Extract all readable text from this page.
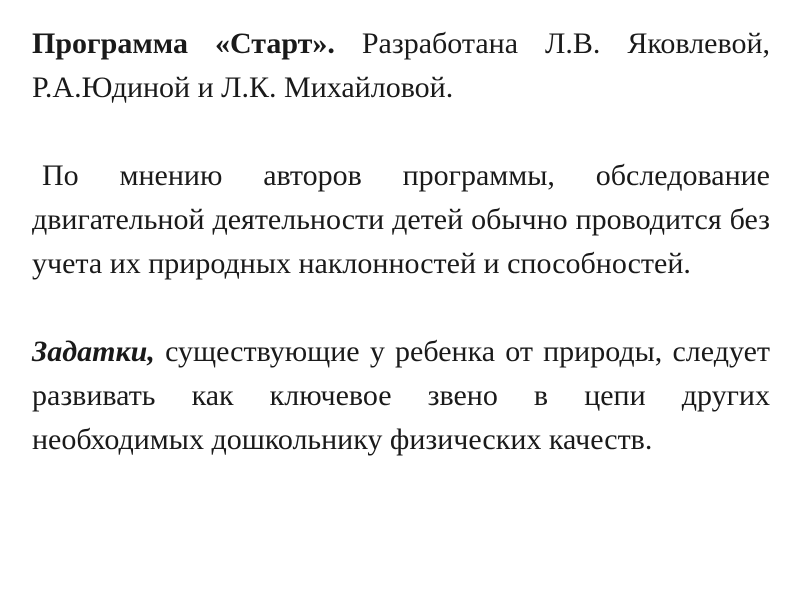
Программа «Старт». Разработана Л.В. Яковлевой, Р.А.Юдиной и Л.К. Михайловой.

По мнению авторов программы, обследование двигательной деятельности детей обычно проводится без учета их природных наклонностей и способностей.

Задатки, существующие у ребенка от природы, следует развивать как ключевое звено в цепи других необходимых дошкольнику физических качеств.
